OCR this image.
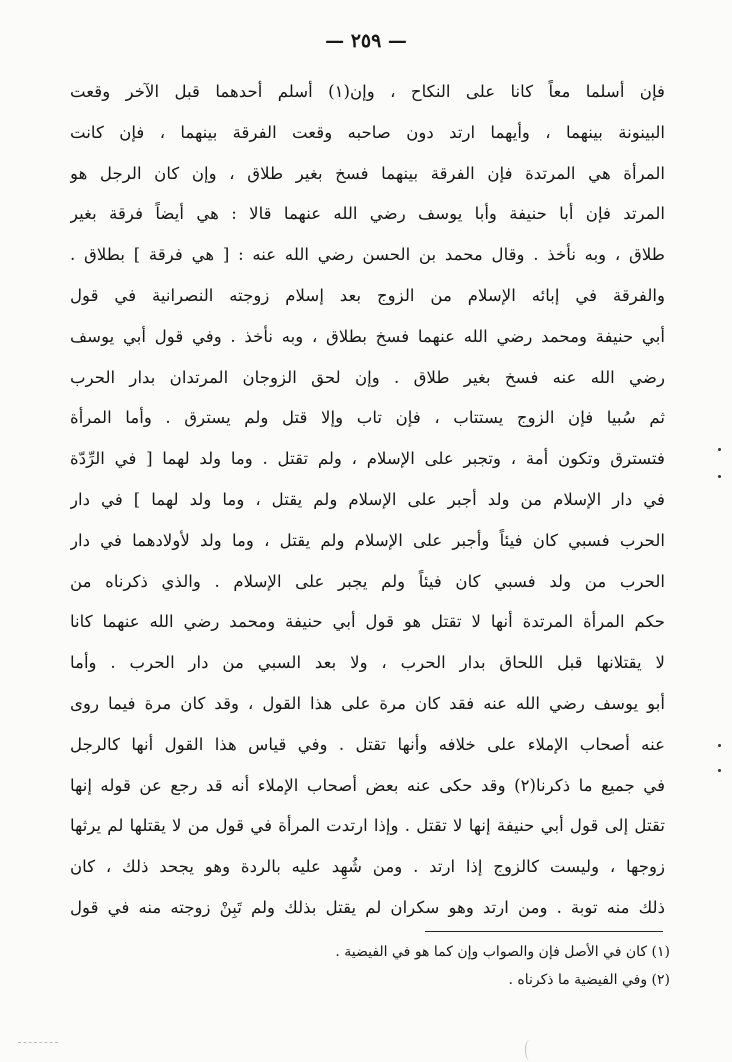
— ٢٥٩ —
فإن أسلما معاً كانا على النكاح ، وإن(١) أسلم أحدهما قبل الآخر وقعت
البينونة بينهما ، وأيهما ارتد دون صاحبه وقعت الفرقة بينهما ، فإن كانت
المرأة هي المرتدة فإن الفرقة بينهما فسخ بغير طلاق ، وإن كان الرجل هو
المرتد فإن أبا حنيفة وأبا يوسف رضي الله عنهما قالا : هي أيضاً فرقة بغير
طلاق ، وبه نأخذ . وقال محمد بن الحسن رضي الله عنه : [ هي فرقة ] بطلاق .
والفرقة في إبائه الإسلام من الزوج بعد إسلام زوجته النصرانية في قول
أبي حنيفة ومحمد رضي الله عنهما فسخ بطلاق ، وبه نأخذ . وفي قول أبي يوسف
رضي الله عنه فسخ بغير طلاق . وإن لحق الزوجان المرتدان بدار الحرب
ثم سُبيا فإن الزوج يستتاب ، فإن تاب وإلا قتل ولم يسترق . وأما المرأة
فتسترق وتكون أمة ، وتجبر على الإسلام ، ولم تقتل . وما ولد لهما [ في الرِّدّة
في دار الإسلام من ولد أجبر على الإسلام ولم يقتل ، وما ولد لهما ] في دار
الحرب فسبي كان فيئاً وأجبر على الإسلام ولم يقتل ، وما ولد لأولادهما في دار
الحرب من ولد فسبي كان فيئاً ولم يجبر على الإسلام . والذي ذكرناه من
حكم المرأة المرتدة أنها لا تقتل هو قول أبي حنيفة ومحمد رضي الله عنهما كانا
لا يقتلانها قبل اللحاق بدار الحرب ، ولا بعد السبي من دار الحرب . وأما
أبو يوسف رضي الله عنه فقد كان مرة على هذا القول ، وقد كان مرة فيما روى
عنه أصحاب الإملاء على خلافه وأنها تقتل . وفي قياس هذا القول أنها كالرجل
في جميع ما ذكرنا(٢) وقد حكى عنه بعض أصحاب الإملاء أنه قد رجع عن قوله إنها
تقتل إلى قول أبي حنيفة إنها لا تقتل . وإذا ارتدت المرأة في قول من لا يقتلها لم يرثها
زوجها ، وليست كالزوج إذا ارتد . ومن شُهِد عليه بالردة وهو يجحد ذلك ، كان
ذلك منه توبة . ومن ارتد وهو سكران لم يقتل بذلك ولم تَبِنْ زوجته منه في قول
(١) كان في الأصل فإن والصواب وإن كما هو في الفيضية .
(٢) وفي الفيضية ما ذكرناه .
